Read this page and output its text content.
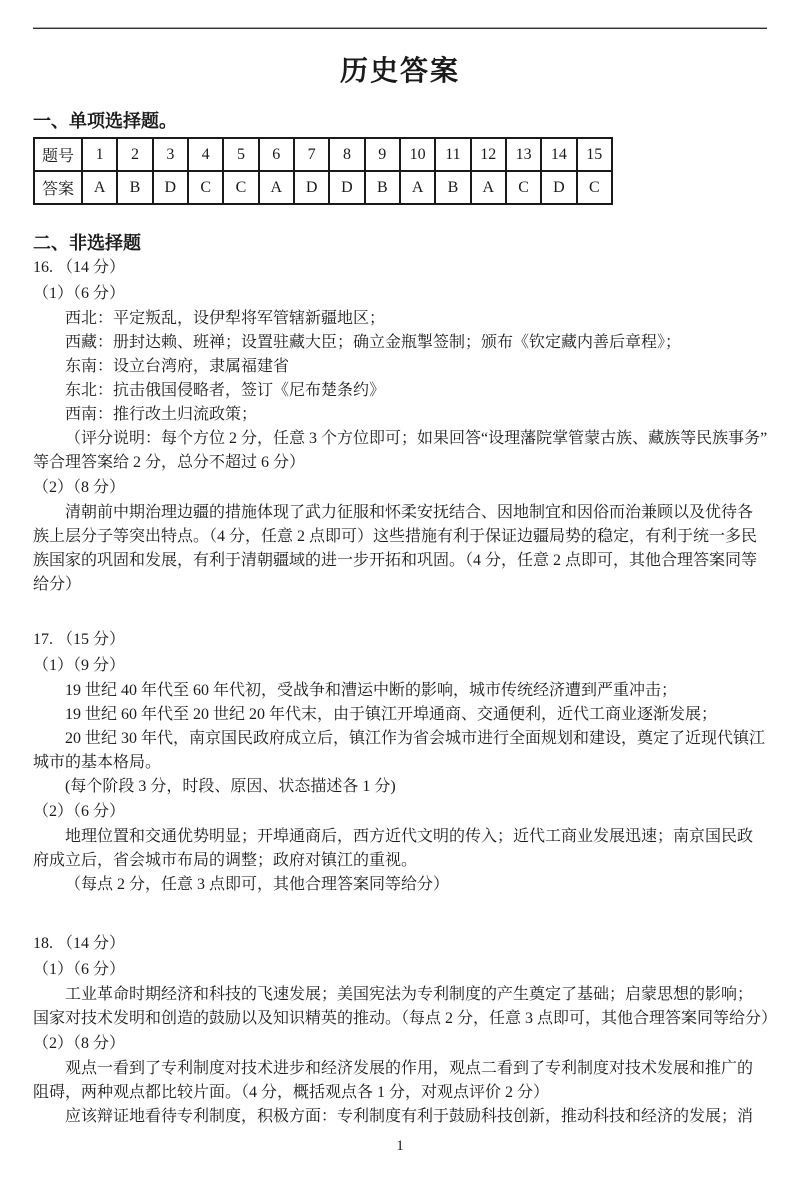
历史答案
一、单项选择题。
题号	1	2	3	4	5	6	7	8	9	10	11	12	13	14	15
答案	A	B	D	C	C	A	D	D	B	A	B	A	C	D	C
二、非选择题
16. （14 分）
（1）（6 分）
西北：平定叛乱，设伊犁将军管辖新疆地区；
西藏：册封达赖、班禅；设置驻藏大臣；确立金瓶掣签制；颁布《钦定藏内善后章程》；
东南：设立台湾府，隶属福建省
东北：抗击俄国侵略者，签订《尼布楚条约》
西南：推行改土归流政策；
（评分说明：每个方位 2 分，任意 3 个方位即可；如果回答“设理藩院掌管蒙古族、藏族等民族事务”
等合理答案给 2 分，总分不超过 6 分）
（2）（8 分）
清朝前中期治理边疆的措施体现了武力征服和怀柔安抚结合、因地制宜和因俗而治兼顾以及优待各
族上层分子等突出特点。（4 分，任意 2 点即可）这些措施有利于保证边疆局势的稳定，有利于统一多民
族国家的巩固和发展，有利于清朝疆域的进一步开拓和巩固。（4 分，任意 2 点即可，其他合理答案同等
给分）
17. （15 分）
（1）（9 分）
19 世纪 40 年代至 60 年代初，受战争和漕运中断的影响，城市传统经济遭到严重冲击；
19 世纪 60 年代至 20 世纪 20 年代末，由于镇江开埠通商、交通便利，近代工商业逐渐发展；
20 世纪 30 年代，南京国民政府成立后，镇江作为省会城市进行全面规划和建设，奠定了近现代镇江
城市的基本格局。
(每个阶段 3 分，时段、原因、状态描述各 1 分)
（2）（6 分）
地理位置和交通优势明显；开埠通商后，西方近代文明的传入；近代工商业发展迅速；南京国民政
府成立后，省会城市布局的调整；政府对镇江的重视。
（每点 2 分，任意 3 点即可，其他合理答案同等给分）
18. （14 分）
（1）（6 分）
工业革命时期经济和科技的飞速发展；美国宪法为专利制度的产生奠定了基础；启蒙思想的影响；
国家对技术发明和创造的鼓励以及知识精英的推动。（每点 2 分，任意 3 点即可，其他合理答案同等给分）
（2）（8 分）
观点一看到了专利制度对技术进步和经济发展的作用，观点二看到了专利制度对技术发展和推广的
阻碍，两种观点都比较片面。（4 分，概括观点各 1 分，对观点评价 2 分）
应该辩证地看待专利制度，积极方面：专利制度有利于鼓励科技创新，推动科技和经济的发展；消
1
